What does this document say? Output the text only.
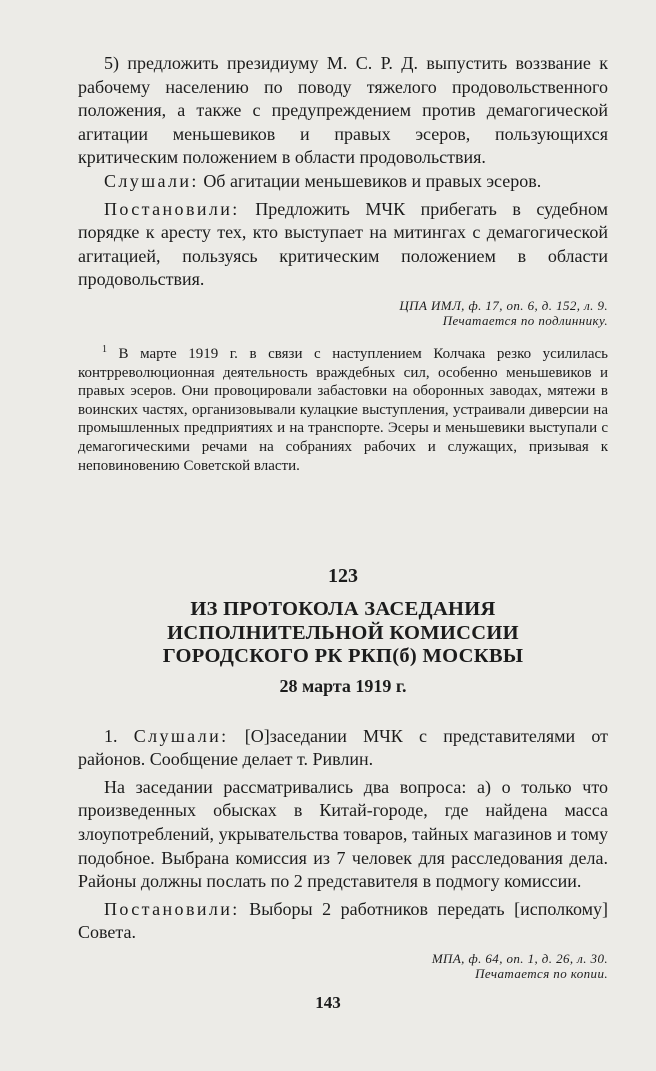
5) предложить президиуму М. С. Р. Д. выпустить воззвание к рабочему населению по поводу тяжелого продовольственного положения, а также с предупреждением против демагогической агитации меньшевиков и правых эсеров, пользующихся критическим положением в области продовольствия.

Слушали: Об агитации меньшевиков и правых эсеров.

Постановили: Предложить МЧК прибегать в судебном порядке к аресту тех, кто выступает на митингах с демагогической агитацией, пользуясь критическим положением в области продовольствия.

ЦПА ИМЛ, ф. 17, оп. 6, д. 152, л. 9.
Печатается по подлиннику.

$^1$ В марте 1919 г. в связи с наступлением Колчака резко усилилась контрреволюционная деятельность враждебных сил, особенно меньшевиков и правых эсеров. Они провоцировали забастовки на оборонных заводах, мятежи в воинских частях, организовывали кулацкие выступления, устраивали диверсии на промышленных предприятиях и на транспорте. Эсеры и меньшевики выступали с демагогическими речами на собраниях рабочих и служащих, призывая к неповиновению Советской власти.

123
ИЗ ПРОТОКОЛА ЗАСЕДАНИЯ
ИСПОЛНИТЕЛЬНОЙ КОМИССИИ
ГОРОДСКОГО РК РКП(б) МОСКВЫ
28 марта 1919 г.

1. Слушали: [О]заседании МЧК с представителями от районов. Сообщение делает т. Ривлин.

На заседании рассматривались два вопроса: а) о только что произведенных обысках в Китай-городе, где найдена масса злоупотреблений, укрывательства товаров, тайных магазинов и тому подобное. Выбрана комиссия из 7 человек для расследования дела. Районы должны послать по 2 представителя в подмогу комиссии.

Постановили: Выборы 2 работников передать [исполкому] Совета.

МПА, ф. 64, оп. 1, д. 26, л. 30.
Печатается по копии.

143
